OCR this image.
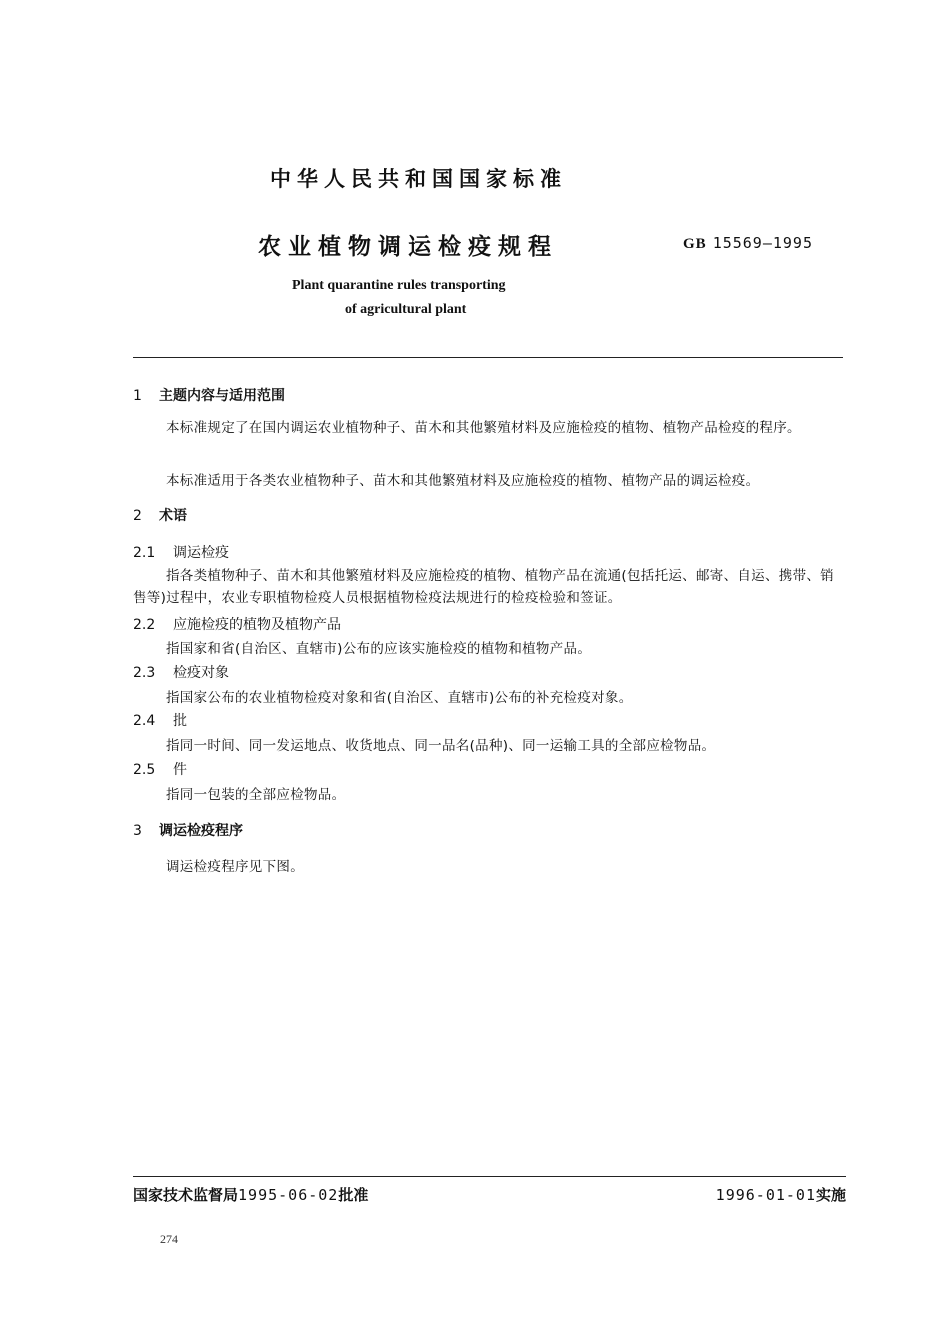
中华人民共和国国家标准
农业植物调运检疫规程	GB 15569—1995
Plant quarantine rules transporting
of agricultural plant
1 主题内容与适用范围
本标准规定了在国内调运农业植物种子、苗木和其他繁殖材料及应施检疫的植物、植物产品检疫的程序。
本标准适用于各类农业植物种子、苗木和其他繁殖材料及应施检疫的植物、植物产品的调运检疫。
2 术语
2.1 调运检疫
指各类植物种子、苗木和其他繁殖材料及应施检疫的植物、植物产品在流通(包括托运、邮寄、自运、携带、销售等)过程中，农业专职植物检疫人员根据植物检疫法规进行的检疫检验和签证。
2.2 应施检疫的植物及植物产品
指国家和省(自治区、直辖市)公布的应该实施检疫的植物和植物产品。
2.3 检疫对象
指国家公布的农业植物检疫对象和省(自治区、直辖市)公布的补充检疫对象。
2.4 批
指同一时间、同一发运地点、收货地点、同一品名(品种)、同一运输工具的全部应检物品。
2.5 件
指同一包装的全部应检物品。
3 调运检疫程序
调运检疫程序见下图。
国家技术监督局1995-06-02批准	1996-01-01实施
274
